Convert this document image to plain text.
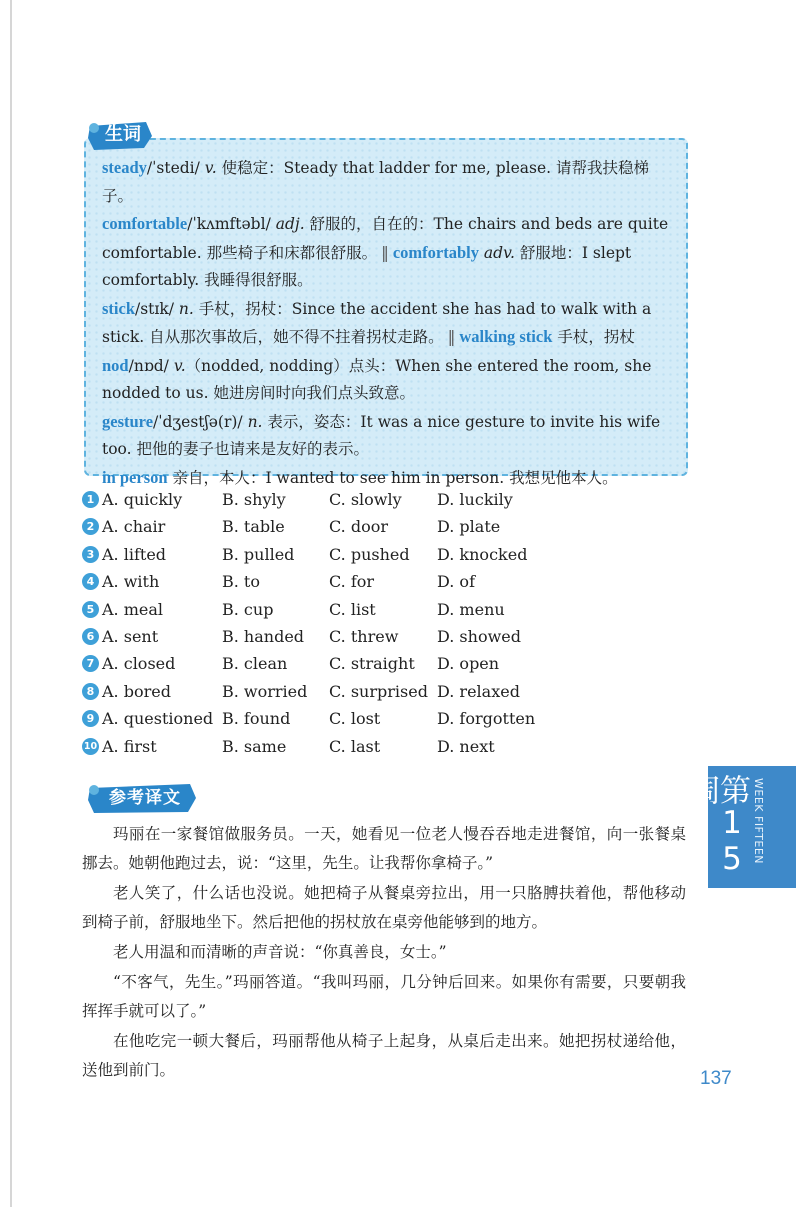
steady/ˈstedi/ v. 使稳定：Steady that ladder for me, please. 请帮我扶稳梯子。

comfortable/ˈkʌmftəbl/ adj. 舒服的，自在的：The chairs and beds are quite comfortable. 那些椅子和床都很舒服。 ‖ comfortably adv. 舒服地：I slept comfortably. 我睡得很舒服。

stick/stɪk/ n. 手杖，拐杖：Since the accident she has had to walk with a stick. 自从那次事故后，她不得不拄着拐杖走路。 ‖ walking stick 手杖，拐杖

nod/nɒd/ v.（nodded, nodding）点头：When she entered the room, she nodded to us. 她进房间时向我们点头致意。

gesture/ˈdʒestʃə(r)/ n. 表示，姿态：It was a nice gesture to invite his wife too. 把他的妻子也请来是友好的表示。

in person 亲自，本人：I wanted to see him in person. 我想见他本人。

生词
1 A. quickly B. shyly	C. slowly D. luckily
2 A. chair	B. table	C. door	D. plate
3 A. lifted	B. pulled C. pushed D. knocked
4 A. with	B. to	C. for	D. of
5 A. meal	B. cup	C. list	D. menu
6 A. sent	B. handed C. threw D. showed
7 A. closed	B. clean	C. straight D. open
8 A. bored	B. worried C. surprised D. relaxed
9 A. questioned B. found C. lost	D. forgotten
10 A. first	B. same	C. last	D. next
参考译文

玛丽在一家餐馆做服务员。一天，她看见一位老人慢吞吞地走进餐馆，向一张餐桌挪去。她朝他跑过去，说：“这里，先生。让我帮你拿椅子。”

老人笑了，什么话也没说。她把椅子从餐桌旁拉出，用一只胳膊扶着他，帮他移动到椅子前，舒服地坐下。然后把他的拐杖放在桌旁他能够到的地方。

老人用温和而清晰的声音说：“你真善良，女士。”

“不客气，先生。”玛丽答道。“我叫玛丽，几分钟后回来。如果你有需要，只要朝我挥挥手就可以了。”

在他吃完一顿大餐后，玛丽帮他从椅子上起身，从桌后走出来。她把拐杖递给他，送他到前门。

第15周	WEEK FIFTEEN
137
